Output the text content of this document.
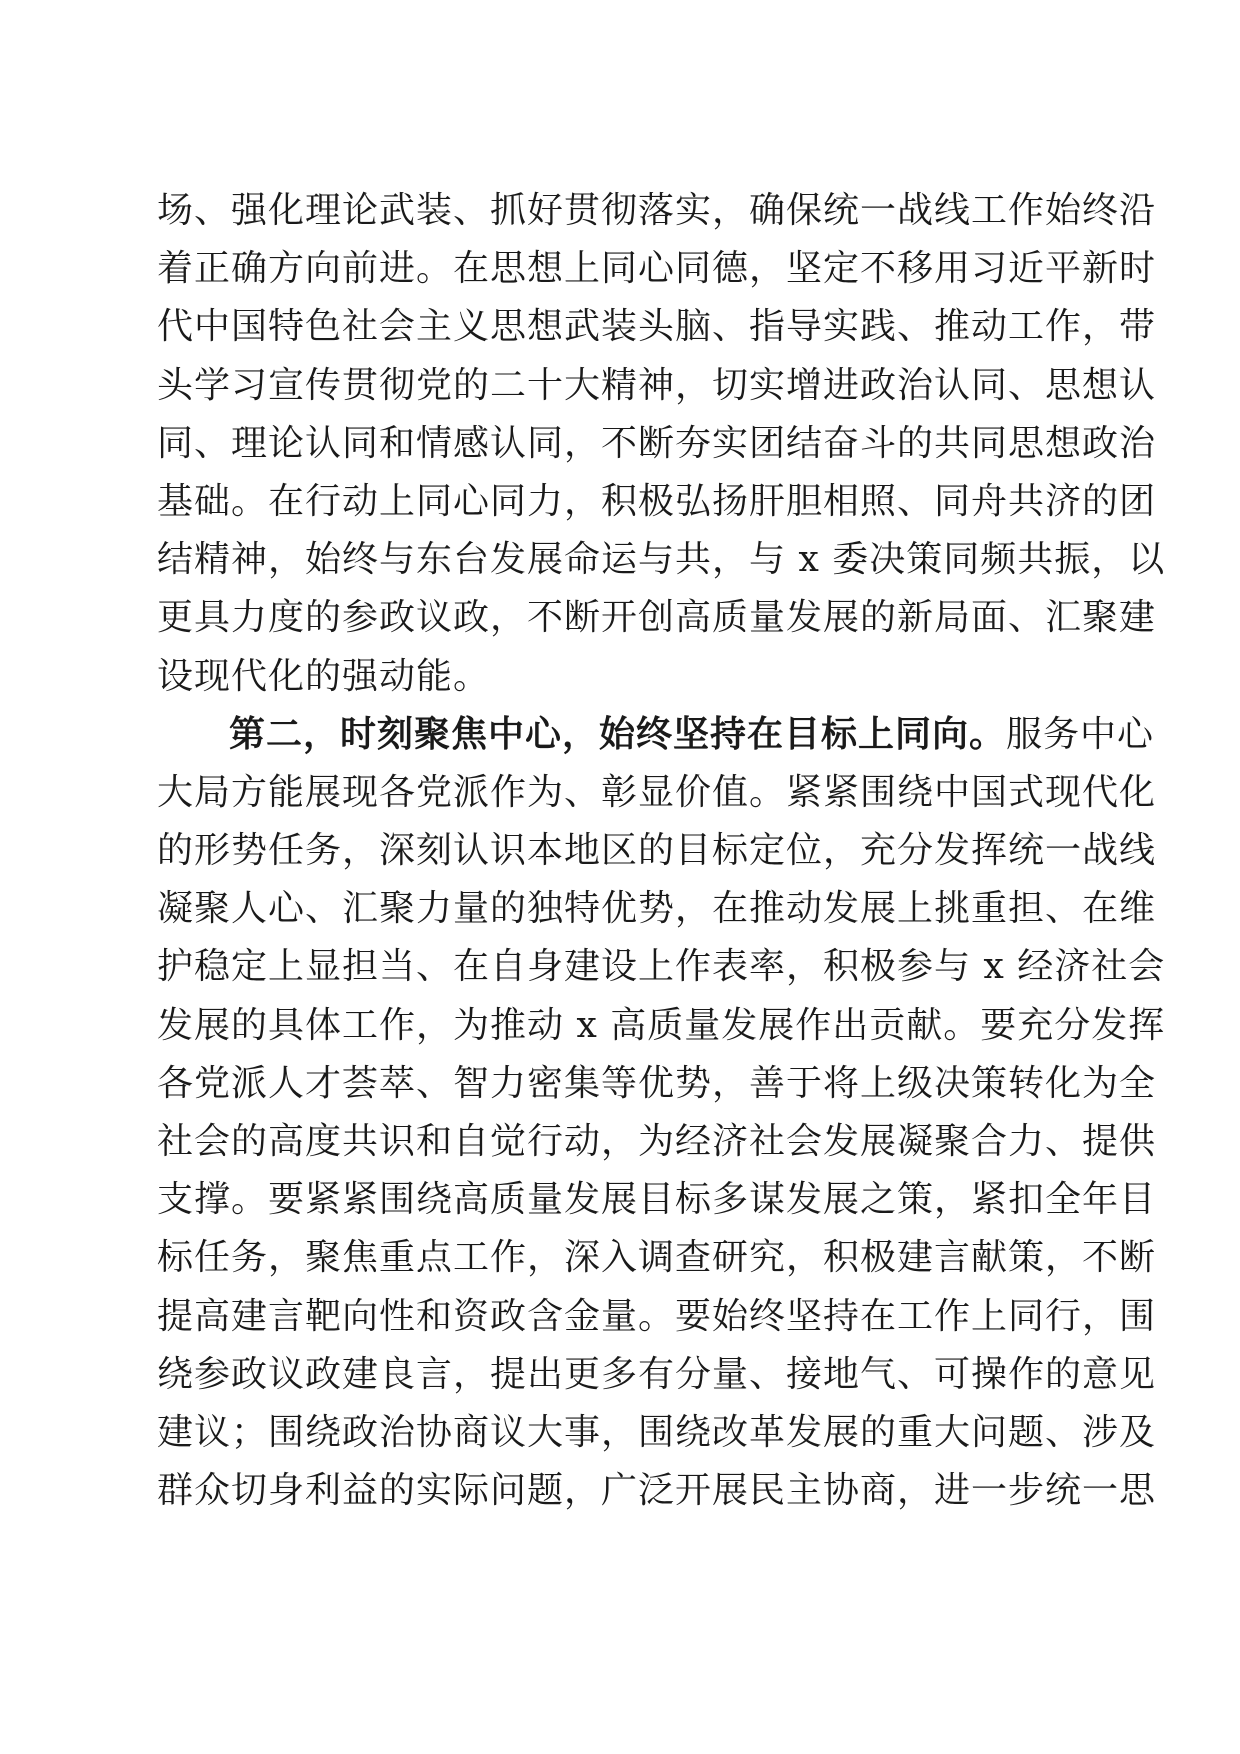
场、强化理论武装、抓好贯彻落实，确保统一战线工作始终沿
着正确方向前进。在思想上同心同德，坚定不移用习近平新时
代中国特色社会主义思想武装头脑、指导实践、推动工作，带
头学习宣传贯彻党的二十大精神，切实增进政治认同、思想认
同、理论认同和情感认同，不断夯实团结奋斗的共同思想政治
基础。在行动上同心同力，积极弘扬肝胆相照、同舟共济的团
结精神，始终与东台发展命运与共，与 x 委决策同频共振，以
更具力度的参政议政，不断开创高质量发展的新局面、汇聚建
设现代化的强动能。
第二，时刻聚焦中心，始终坚持在目标上同向。服务中心
大局方能展现各党派作为、彰显价值。紧紧围绕中国式现代化
的形势任务，深刻认识本地区的目标定位，充分发挥统一战线
凝聚人心、汇聚力量的独特优势，在推动发展上挑重担、在维
护稳定上显担当、在自身建设上作表率，积极参与 x 经济社会
发展的具体工作，为推动 x 高质量发展作出贡献。要充分发挥
各党派人才荟萃、智力密集等优势，善于将上级决策转化为全
社会的高度共识和自觉行动，为经济社会发展凝聚合力、提供
支撑。要紧紧围绕高质量发展目标多谋发展之策，紧扣全年目
标任务，聚焦重点工作，深入调查研究，积极建言献策，不断
提高建言靶向性和资政含金量。要始终坚持在工作上同行，围
绕参政议政建良言，提出更多有分量、接地气、可操作的意见
建议；围绕政治协商议大事，围绕改革发展的重大问题、涉及
群众切身利益的实际问题，广泛开展民主协商，进一步统一思
